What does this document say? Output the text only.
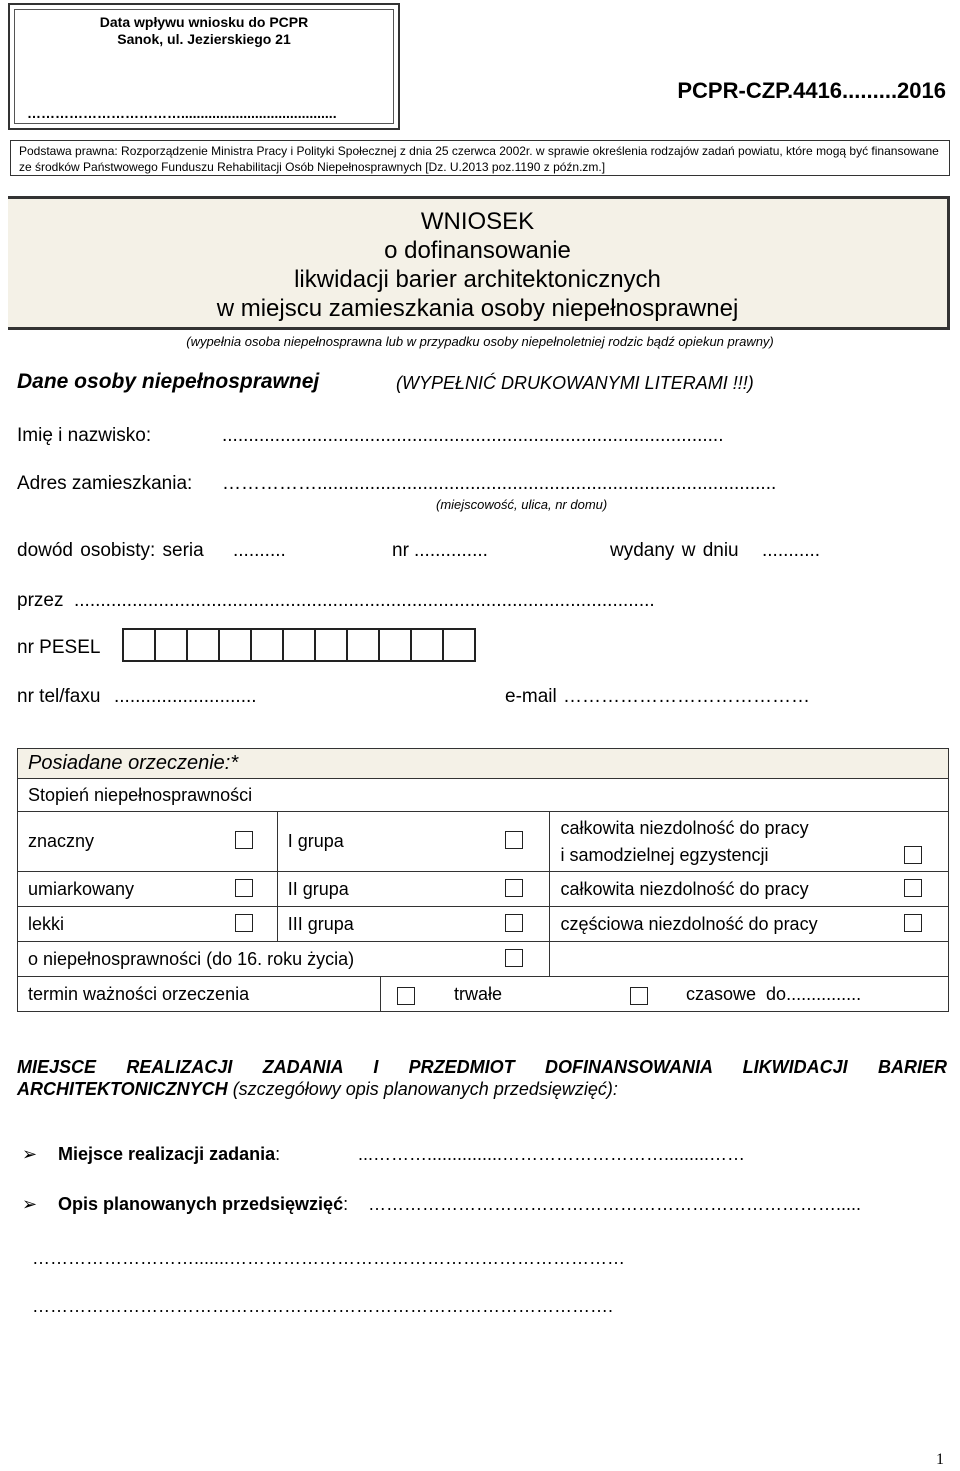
Data wpływu wniosku do PCPR
Sanok, ul. Jezierskiego 21
……………………………........................................
PCPR-CZP.4416.........2016
Podstawa prawna: Rozporządzenie Ministra Pracy i Polityki Społecznej z dnia 25 czerwca 2002r. w sprawie określenia rodzajów zadań powiatu, które mogą być finansowane ze środków Państwowego Funduszu Rehabilitacji Osób Niepełnosprawnych [Dz. U.2013 poz.1190 z późn.zm.]
WNIOSEK
o dofinansowanie
likwidacji barier architektonicznych
w miejscu zamieszkania osoby niepełnosprawnej
(wypełnia osoba niepełnosprawna lub w przypadku osoby niepełnoletniej rodzic bądź opiekun prawny)
Dane osoby niepełnosprawnej	(WYPEŁNIĆ DRUKOWANYMI LITERAMI !!!)
Imię i nazwisko:	...............................................................................................
Adres zamieszkania: …………….......................................................................................
(miejscowość, ulica, nr domu)
dowód osobisty: seria ..........	nr ..............	wydany w dniu ...........
przez ..............................................................................................................
nr PESEL
nr tel/faxu ...........................	e-mail …………………………………
Posiadane orzeczenie:*		
Stopień niepełnosprawności		
znaczny	I grupa	całkowita niezdolność do pracy
i samodzielnej egzystencji

umiarkowany	II grupa	całkowita niezdolność do pracy

lekki	III grupa	częściowa niezdolność do pracy

o niepełnosprawności (do 16. roku życia)	

termin ważności orzeczenia trwałe czasowe  do...............		
MIEJSCE REALIZACJI ZADANIA I PRZEDMIOT DOFINANSOWANIA LIKWIDACJI BARIER
ARCHITEKTONICZNYCH (szczegółowy opis planowanych przedsięwzięć):
➢ Miejsce realizacji zadania:	...………...............……………………….........……
➢ Opis planowanych przedsięwzięć: …………………………………………………………………….....
……………………….......…………………………………………………………
…………………………………………………………………………………….
1
